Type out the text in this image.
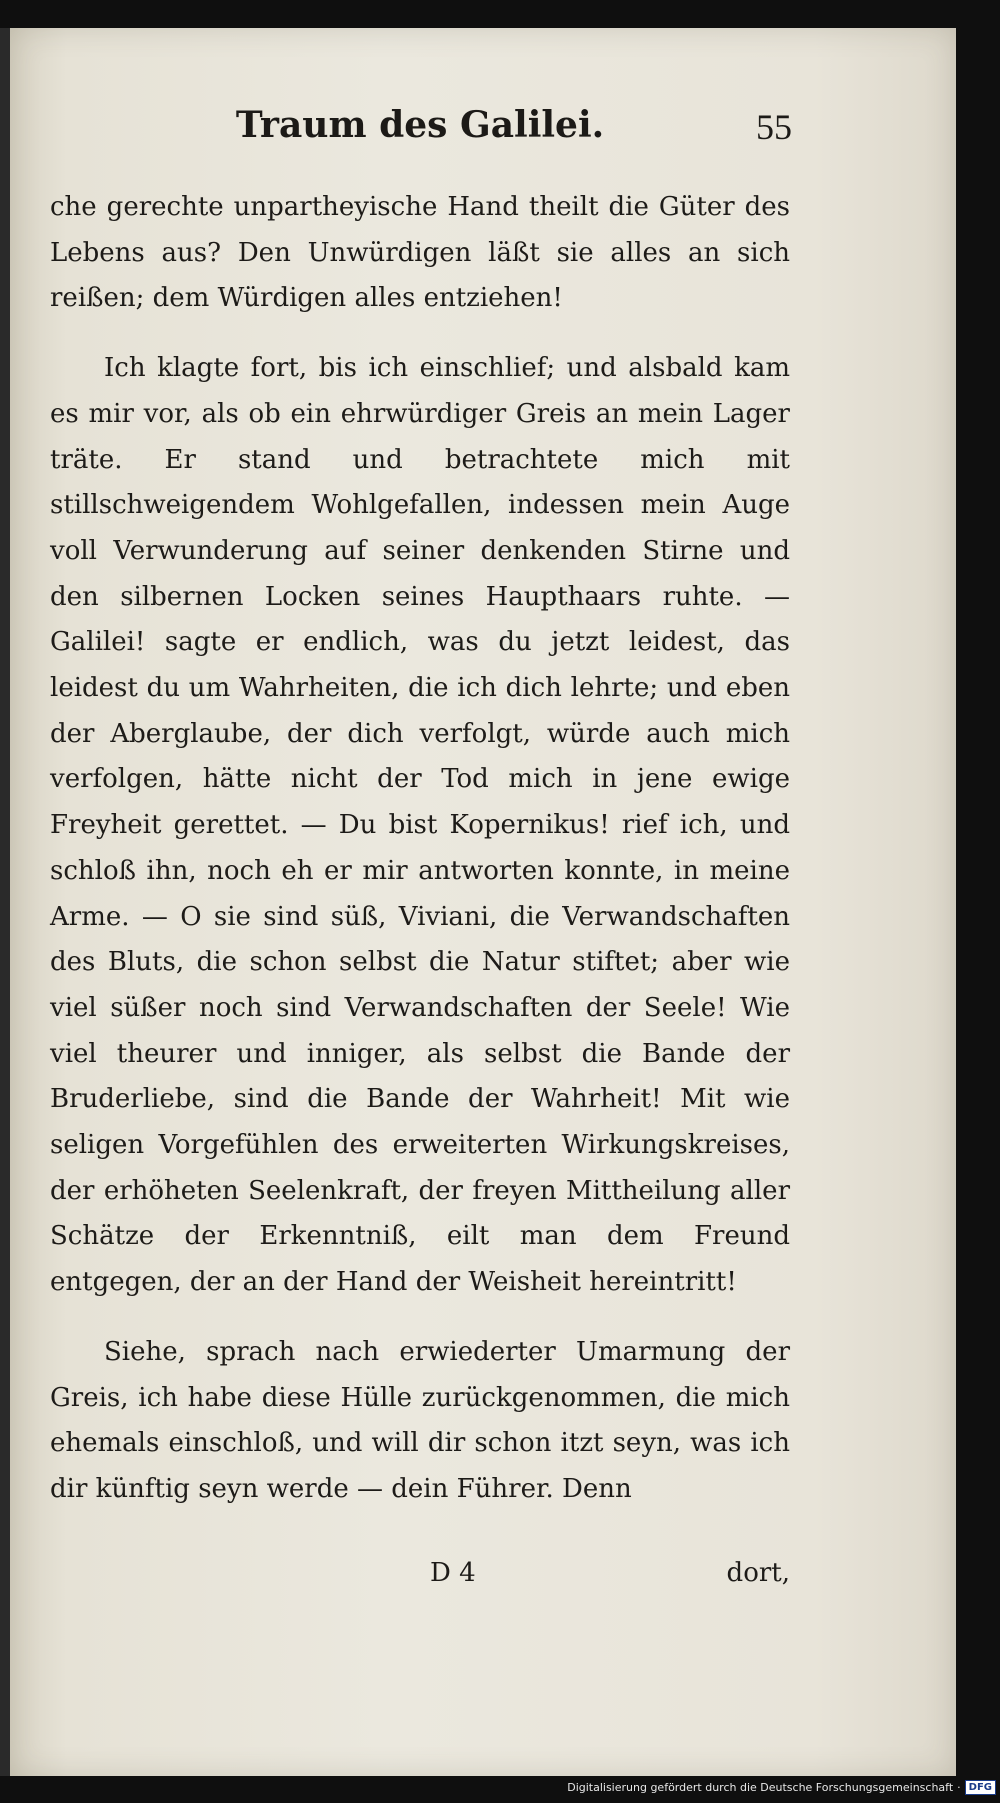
Traum des Galilei.	55

che gerechte unpartheyische Hand theilt die Güter des Lebens aus? Den Unwürdigen läßt sie alles an sich reißen; dem Würdigen alles entziehen!

Ich klagte fort, bis ich einschlief; und alsbald kam es mir vor, als ob ein ehrwürdiger Greis an mein Lager träte. Er stand und betrachtete mich mit stillschweigendem Wohlgefallen, indessen mein Auge voll Verwunderung auf seiner denkenden Stirne und den silbernen Locken seines Haupthaars ruhte. — Galilei! sagte er endlich, was du jetzt leidest, das leidest du um Wahrheiten, die ich dich lehrte; und eben der Aberglaube, der dich verfolgt, würde auch mich verfolgen, hätte nicht der Tod mich in jene ewige Freyheit gerettet. — Du bist Kopernikus! rief ich, und schloß ihn, noch eh er mir antworten konnte, in meine Arme. — O sie sind süß, Viviani, die Verwandschaften des Bluts, die schon selbst die Natur stiftet; aber wie viel süßer noch sind Verwandschaften der Seele! Wie viel theurer und inniger, als selbst die Bande der Bruderliebe, sind die Bande der Wahrheit! Mit wie seligen Vorgefühlen des erweiterten Wirkungskreises, der erhöheten Seelenkraft, der freyen Mittheilung aller Schätze der Erkenntniß, eilt man dem Freund entgegen, der an der Hand der Weisheit hereintritt!

Siehe, sprach nach erwiederter Umarmung der Greis, ich habe diese Hülle zurückgenommen, die mich ehemals einschloß, und will dir schon itzt seyn, was ich dir künftig seyn werde — dein Führer. Denn

D 4	dort,
Digitalisierung gefördert durch die Deutsche Forschungsgemeinschaft · DFG
